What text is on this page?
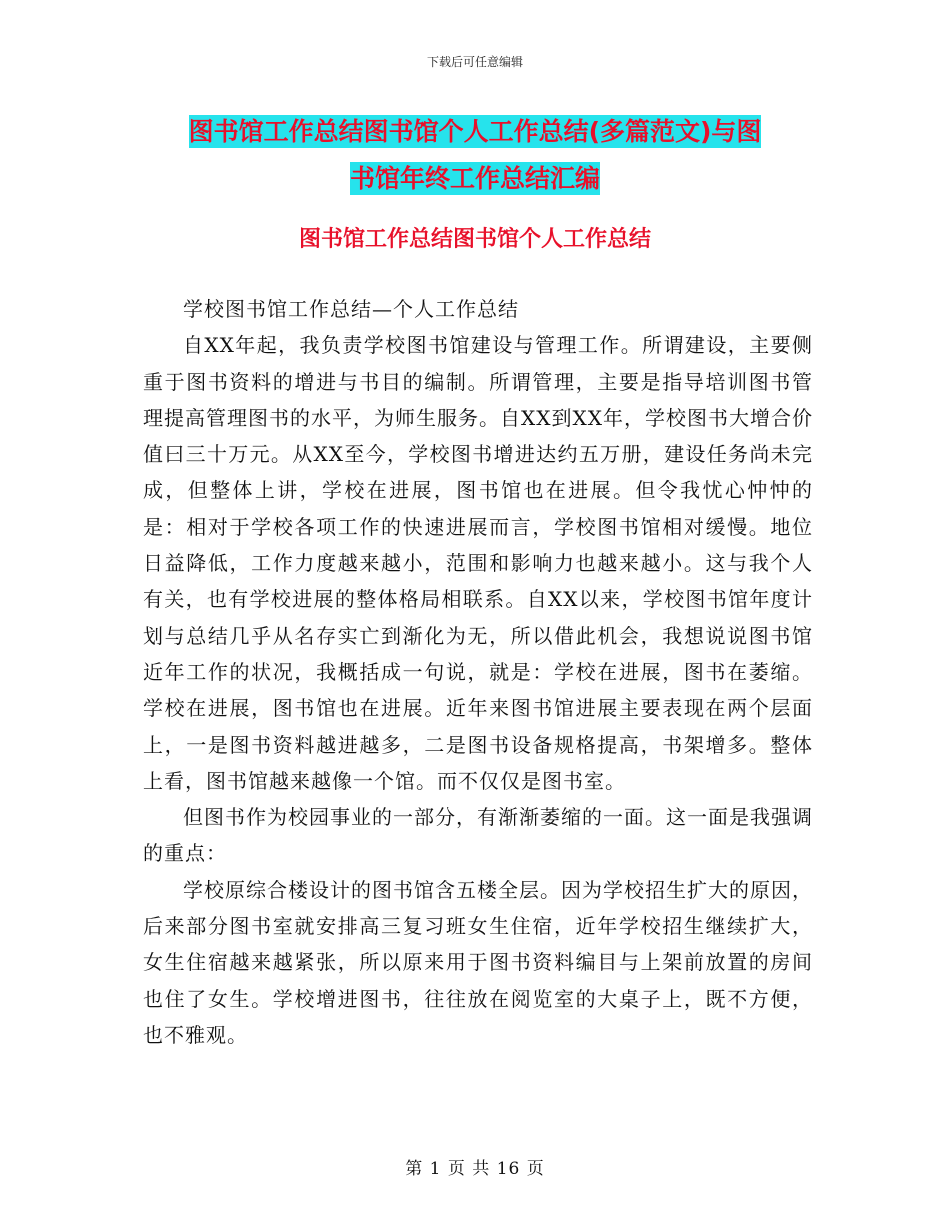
下载后可任意编辑
图书馆工作总结图书馆个人工作总结(多篇范文)与图
书馆年终工作总结汇编
图书馆工作总结图书馆个人工作总结

学校图书馆工作总结—个人工作总结

自XX年起，我负责学校图书馆建设与管理工作。所谓建设，主要侧重于图书资料的增进与书目的编制。所谓管理，主要是指导培训图书管理提高管理图书的水平，为师生服务。自XX到XX年，学校图书大增合价值曰三十万元。从XX至今，学校图书增进达约五万册，建设任务尚未完成，但整体上讲，学校在进展，图书馆也在进展。但令我忧心忡忡的是：相对于学校各项工作的快速进展而言，学校图书馆相对缓慢。地位日益降低，工作力度越来越小，范围和影响力也越来越小。这与我个人有关，也有学校进展的整体格局相联系。自XX以来，学校图书馆年度计划与总结几乎从名存实亡到渐化为无，所以借此机会，我想说说图书馆近年工作的状况，我概括成一句说，就是：学校在进展，图书在萎缩。 学校在进展，图书馆也在进展。近年来图书馆进展主要表现在两个层面上，一是图书资料越进越多，二是图书设备规格提高，书架增多。整体上看，图书馆越来越像一个馆。而不仅仅是图书室。

但图书作为校园事业的一部分，有渐渐萎缩的一面。这一面是我强调的重点：

学校原综合楼设计的图书馆含五楼全层。因为学校招生扩大的原因，后来部分图书室就安排高三复习班女生住宿，近年学校招生继续扩大，女生住宿越来越紧张，所以原来用于图书资料编目与上架前放置的房间也住了女生。学校增进图书，往往放在阅览室的大桌子上，既不方便，也不雅观。

第 1 页 共 16 页
